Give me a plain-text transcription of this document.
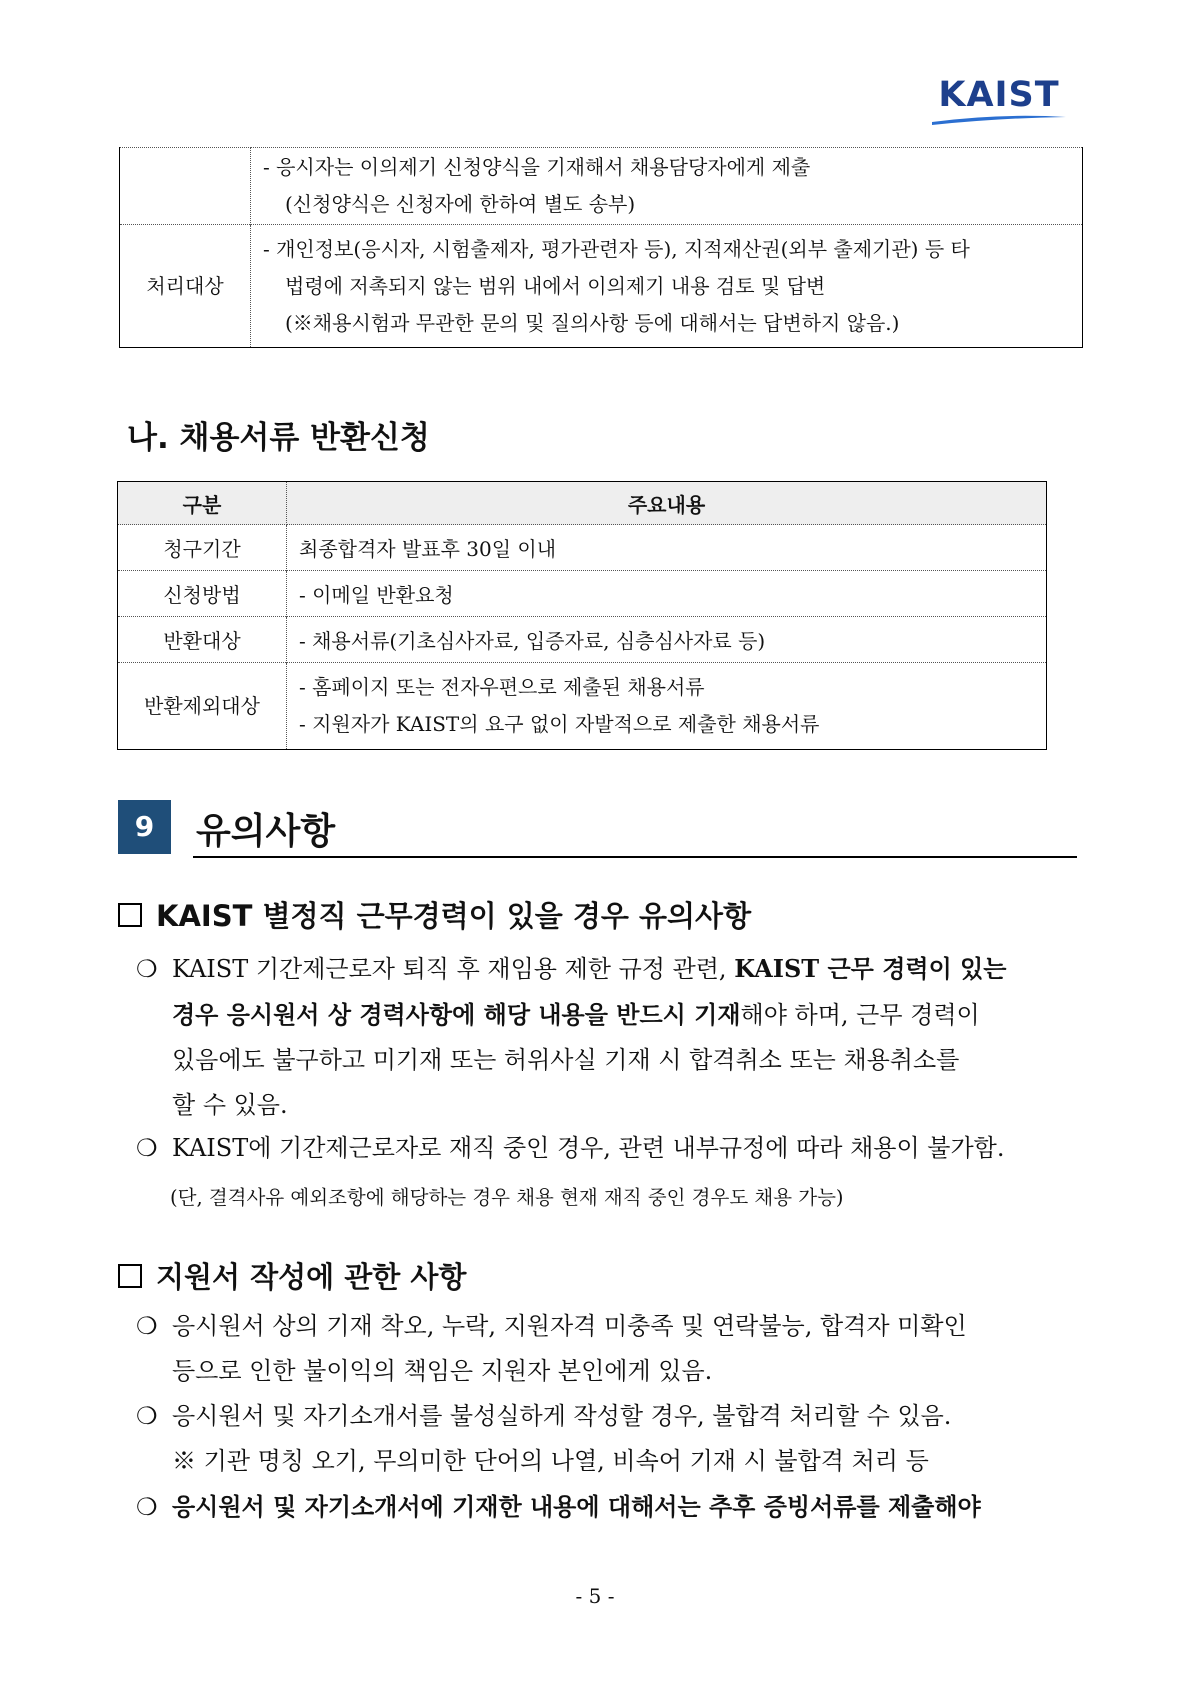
KAIST

	- 응시자는 이의제기 신청양식을 기재해서 채용담당자에게 제출
(신청양식은 신청자에 한하여 별도 송부)

처리대상	- 개인정보(응시자, 시험출제자, 평가관련자 등), 지적재산권(외부 출제기관) 등 타
법령에 저촉되지 않는 범위 내에서 이의제기 내용 검토 및 답변
(※채용시험과 무관한 문의 및 질의사항 등에 대해서는 답변하지 않음.)
나. 채용서류 반환신청
구분	주요내용
청구기간	최종합격자 발표후 30일 이내
신청방법	- 이메일 반환요청
반환대상	- 채용서류(기초심사자료, 입증자료, 심층심사자료 등)
반환제외대상	- 홈페이지 또는 전자우편으로 제출된 채용서류
- 지원자가 KAIST의 요구 없이 자발적으로 제출한 채용서류
9	유의사항
KAIST 별정직 근무경력이 있을 경우 유의사항
❍ KAIST 기간제근로자 퇴직 후 재임용 제한 규정 관련, KAIST 근무 경력이 있는
경우 응시원서 상 경력사항에 해당 내용을 반드시 기재해야 하며, 근무 경력이
있음에도 불구하고 미기재 또는 허위사실 기재 시 합격취소 또는 채용취소를
할 수 있음.
❍ KAIST에 기간제근로자로 재직 중인 경우, 관련 내부규정에 따라 채용이 불가함.
(단, 결격사유 예외조항에 해당하는 경우 채용 현재 재직 중인 경우도 채용 가능)
지원서 작성에 관한 사항
❍ 응시원서 상의 기재 착오, 누락, 지원자격 미충족 및 연락불능, 합격자 미확인
등으로 인한 불이익의 책임은 지원자 본인에게 있음.
❍ 응시원서 및 자기소개서를 불성실하게 작성할 경우, 불합격 처리할 수 있음.
※ 기관 명칭 오기, 무의미한 단어의 나열, 비속어 기재 시 불합격 처리 등
❍ 응시원서 및 자기소개서에 기재한 내용에 대해서는 추후 증빙서류를 제출해야
- 5 -
